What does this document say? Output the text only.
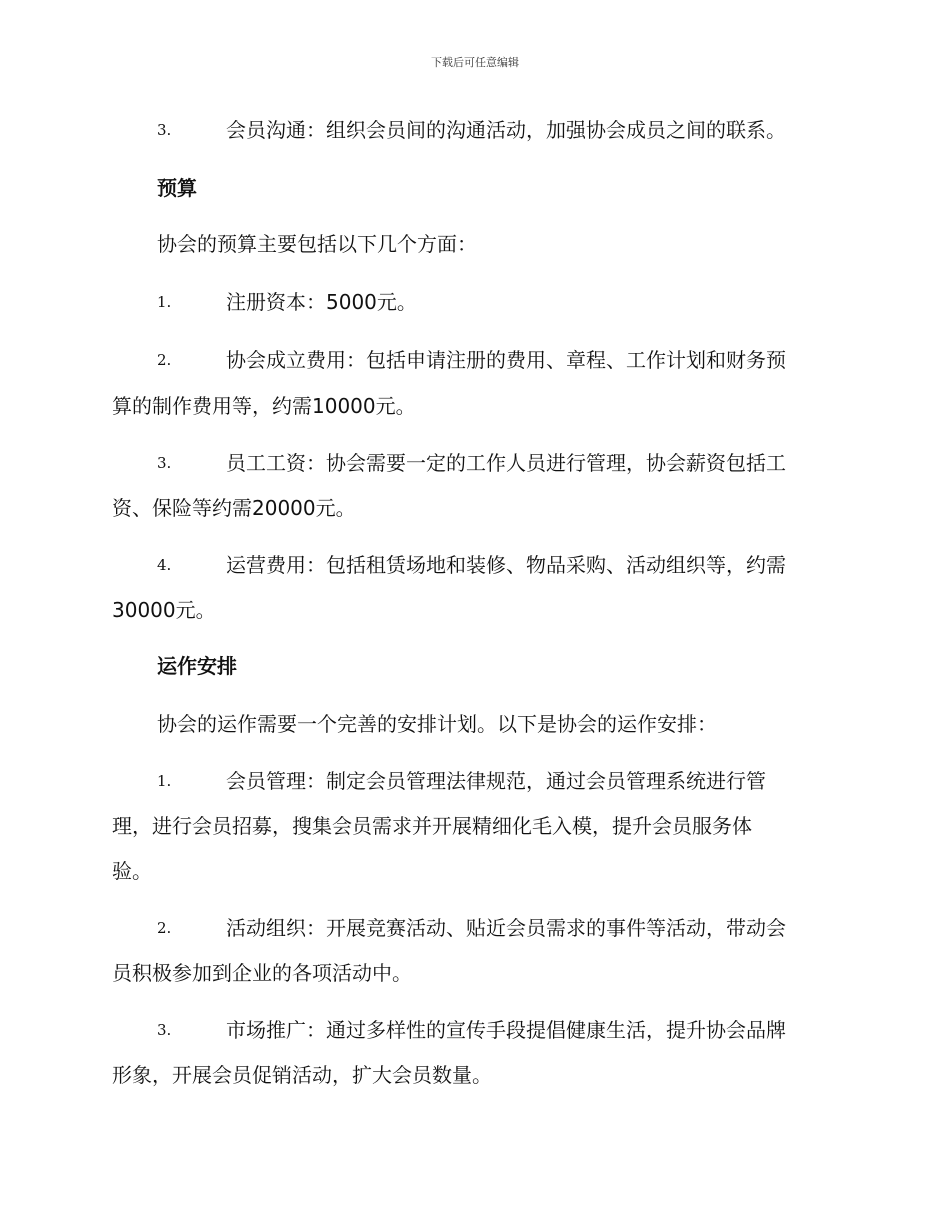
下载后可任意编辑
3.	会员沟通：组织会员间的沟通活动，加强协会成员之间的联系。
预算
协会的预算主要包括以下几个方面：
1.	注册资本：5000元。
2.	协会成立费用：包括申请注册的费用、章程、工作计划和财务预
算的制作费用等，约需10000元。
3.	员工工资：协会需要一定的工作人员进行管理，协会薪资包括工
资、保险等约需20000元。
4.	运营费用：包括租赁场地和装修、物品采购、活动组织等，约需
30000元。
运作安排
协会的运作需要一个完善的安排计划。以下是协会的运作安排：
1.	会员管理：制定会员管理法律规范，通过会员管理系统进行管
理，进行会员招募，搜集会员需求并开展精细化毛入模，提升会员服务体
验。
2.	活动组织：开展竞赛活动、贴近会员需求的事件等活动，带动会
员积极参加到企业的各项活动中。
3.	市场推广：通过多样性的宣传手段提倡健康生活，提升协会品牌
形象，开展会员促销活动，扩大会员数量。
